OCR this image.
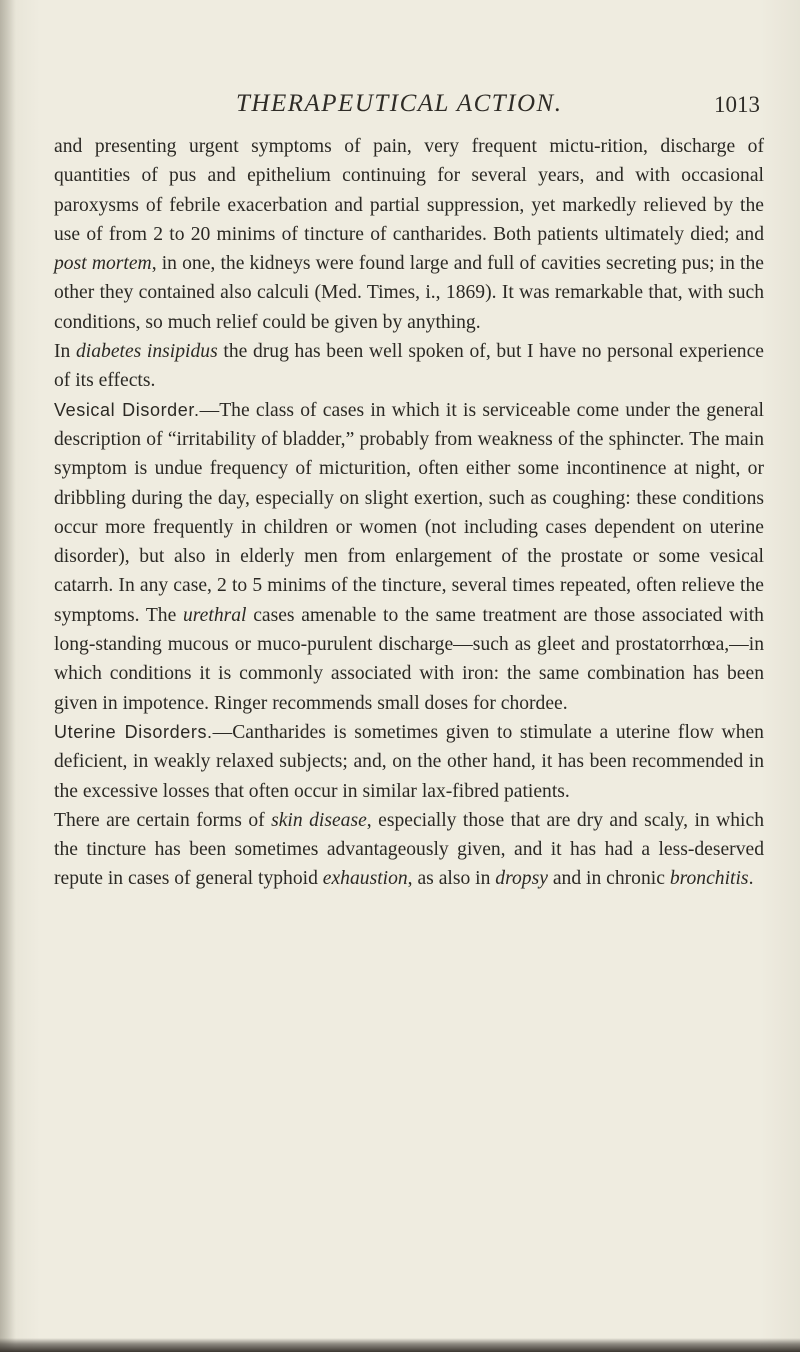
THERAPEUTICAL ACTION.	1013

and presenting urgent symptoms of pain, very frequent mictu-rition, discharge of quantities of pus and epithelium continuing for several years, and with occasional paroxysms of febrile exacerbation and partial suppression, yet markedly relieved by the use of from 2 to 20 minims of tincture of cantharides. Both patients ultimately died; and post mortem, in one, the kidneys were found large and full of cavities secreting pus; in the other they contained also calculi (Med. Times, i., 1869). It was remarkable that, with such conditions, so much relief could be given by anything.

In diabetes insipidus the drug has been well spoken of, but I have no personal experience of its effects.

Vesical Disorder.—The class of cases in which it is serviceable come under the general description of “irritability of bladder,” probably from weakness of the sphincter. The main symptom is undue frequency of micturition, often either some incontinence at night, or dribbling during the day, especially on slight exertion, such as coughing: these conditions occur more frequently in children or women (not including cases dependent on uterine disorder), but also in elderly men from enlargement of the prostate or some vesical catarrh. In any case, 2 to 5 minims of the tincture, several times repeated, often relieve the symptoms. The urethral cases amenable to the same treatment are those associated with long-standing mucous or muco-purulent discharge—such as gleet and prostatorrhœa,—in which conditions it is commonly associated with iron: the same combination has been given in impotence. Ringer recommends small doses for chordee.

Uterine Disorders.—Cantharides is sometimes given to stimulate a uterine flow when deficient, in weakly relaxed subjects; and, on the other hand, it has been recommended in the excessive losses that often occur in similar lax-fibred patients.

There are certain forms of skin disease, especially those that are dry and scaly, in which the tincture has been sometimes advantageously given, and it has had a less-deserved repute in cases of general typhoid exhaustion, as also in dropsy and in chronic bronchitis.
